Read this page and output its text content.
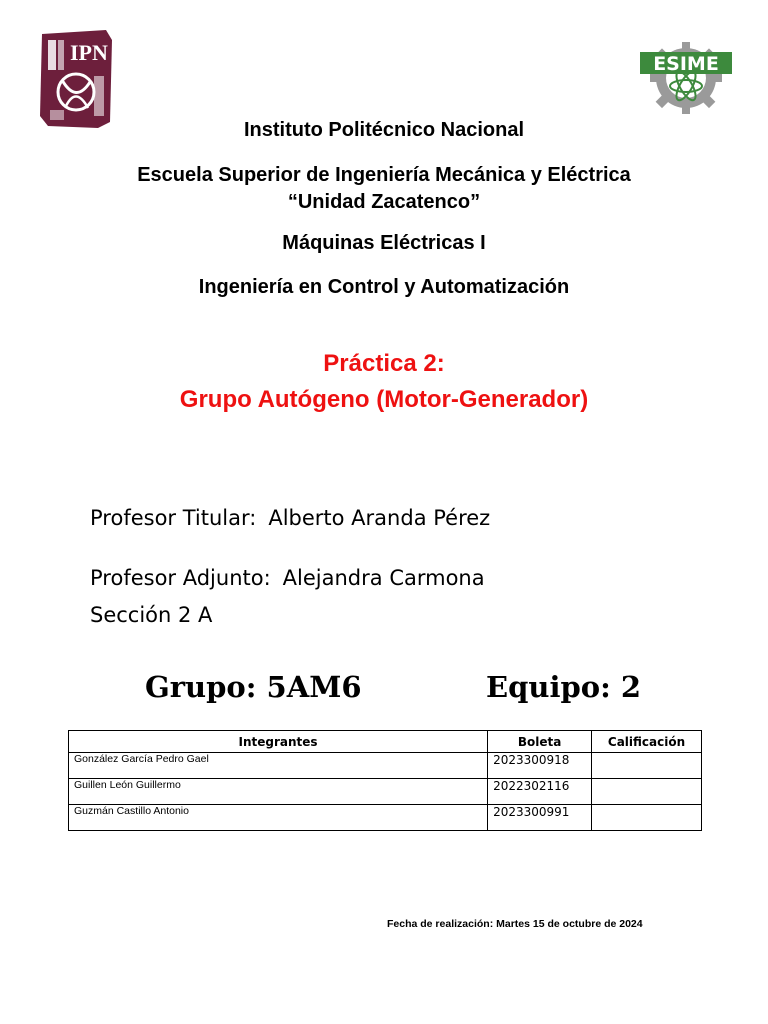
IPN	ESIME
Instituto Politécnico Nacional
Escuela Superior de Ingeniería Mecánica y Eléctrica
“Unidad Zacatenco”
Máquinas Eléctricas I
Ingeniería en Control y Automatización
Práctica 2:
Grupo Autógeno (Motor-Generador)
Profesor Titular: Alberto Aranda Pérez
Profesor Adjunto: Alejandra Carmona
Sección 2 A
Grupo: 5AM6	Equipo: 2
Integrantes	Boleta	Calificación
González García Pedro Gael	2023300918	
Guillen León Guillermo	2022302116	
Guzmán Castillo Antonio	2023300991	
Fecha de realización: Martes 15 de octubre de 2024
